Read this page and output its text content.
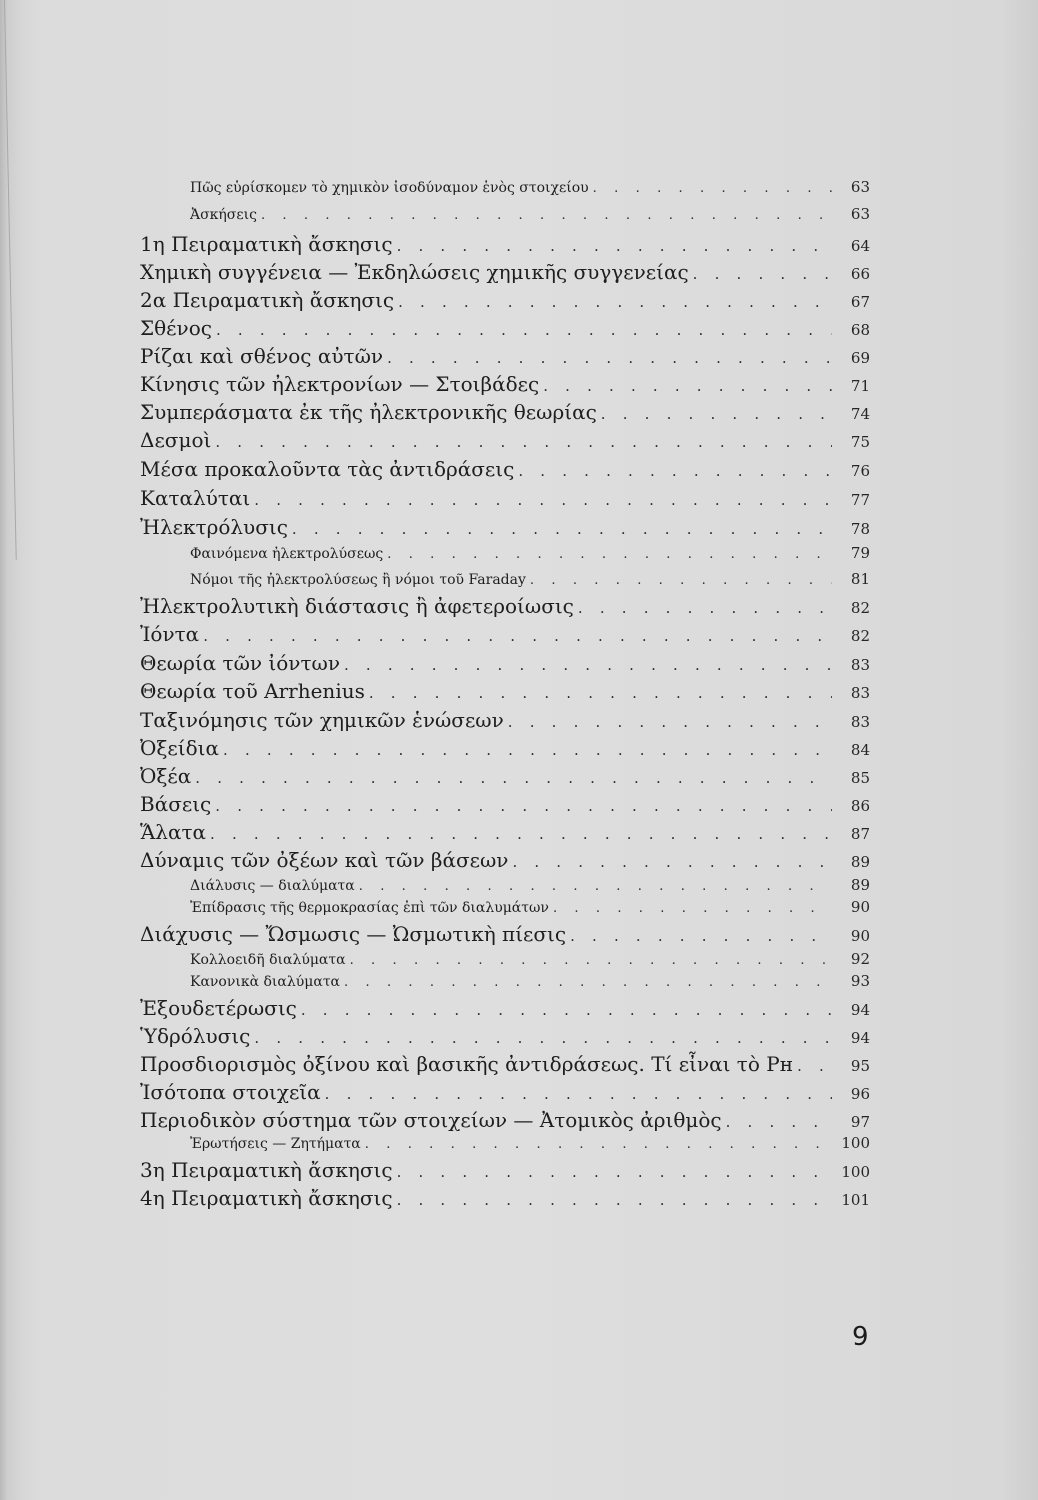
Πῶς εὑρίσκομεν τὸ χημικὸν ἰσοδύναμον ἑνὸς στοιχείου . . .	63
Ἀσκήσεις . . .	63
1η Πειραματικὴ ἄσκησις . . .	64
Χημικὴ συγγένεια — Ἐκδηλώσεις χημικῆς συγγενείας . . .	66
2α Πειραματικὴ ἄσκησις . . .	67
Σθένος . . .	68
Ρίζαι καὶ σθένος αὐτῶν . . .	69
Κίνησις τῶν ἠλεκτρονίων — Στοιβάδες . . .	71
Συμπεράσματα ἐκ τῆς ἠλεκτρονικῆς θεωρίας . . .	74
Δεσμοὶ . . .	75
Μέσα προκαλοῦντα τὰς ἀντιδράσεις . . .	76
Καταλύται . . .	77
Ἠλεκτρόλυσις . . .	78
Φαινόμενα ἠλεκτρολύσεως . . .	79
Νόμοι τῆς ἠλεκτρολύσεως ἢ νόμοι τοῦ Faraday . . .	81
Ἠλεκτρολυτικὴ διάστασις ἢ ἀφετεροίωσις . . .	82
Ἰόντα . . .	82
Θεωρία τῶν ἰόντων . . .	83
Θεωρία τοῦ Arrhenius . . .	83
Ταξινόμησις τῶν χημικῶν ἑνώσεων . . .	83
Ὀξείδια . . .	84
Ὀξέα . . .	85
Βάσεις . . .	86
Ἅλατα . . .	87
Δύναμις τῶν ὀξέων καὶ τῶν βάσεων . . .	89
Διάλυσις — διαλύματα . . .	89
Ἐπίδρασις τῆς θερμοκρασίας ἐπὶ τῶν διαλυμάτων . . .	90
Διάχυσις — Ὤσμωσις — Ὠσμωτικὴ πίεσις . . .	90
Κολλοειδῆ διαλύματα . . .	92
Κανονικὰ διαλύματα . . .	93
Ἐξουδετέρωσις . . .	94
Ὑδρόλυσις . . .	94
Προσδιορισμὸς ὀξίνου καὶ βασικῆς ἀντιδράσεως. Τί εἶναι τὸ Pн . . .	95
Ἰσότοπα στοιχεῖα . . .	96
Περιοδικὸν σύστημα τῶν στοιχείων — Ἀτομικὸς ἀριθμὸς . . .	97
Ἐρωτήσεις — Ζητήματα . . .	100
3η Πειραματικὴ ἄσκησις . . .	100
4η Πειραματικὴ ἄσκησις . . .	101
9
